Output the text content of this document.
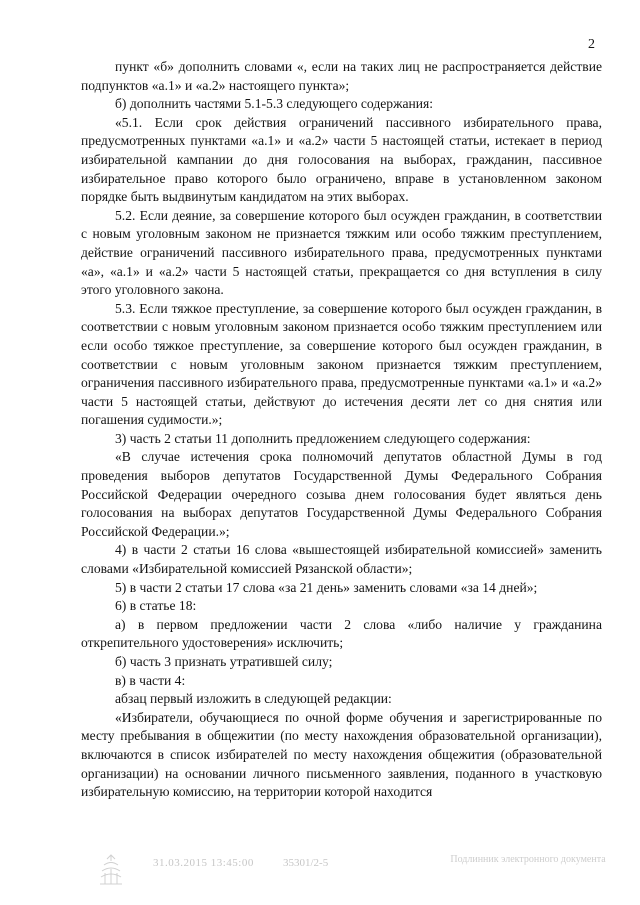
2

пункт «б» дополнить словами «, если на таких лиц не распространяется действие подпунктов «а.1» и «а.2» настоящего пункта»;

б) дополнить частями 5.1-5.3 следующего содержания:

«5.1. Если срок действия ограничений пассивного избирательного права, предусмотренных пунктами «а.1» и «а.2» части 5 настоящей статьи, истекает в период избирательной кампании до дня голосования на выборах, гражданин, пассивное избирательное право которого было ограничено, вправе в установленном законом порядке быть выдвинутым кандидатом на этих выборах.

5.2. Если деяние, за совершение которого был осужден гражданин, в соответствии с новым уголовным законом не признается тяжким или особо тяжким преступлением, действие ограничений пассивного избирательного права, предусмотренных пунктами «а», «а.1» и «а.2» части 5 настоящей статьи, прекращается со дня вступления в силу этого уголовного закона.

5.3. Если тяжкое преступление, за совершение которого был осужден гражданин, в соответствии с новым уголовным законом признается особо тяжким преступлением или если особо тяжкое преступление, за совершение которого был осужден гражданин, в соответствии с новым уголовным законом признается тяжким преступлением, ограничения пассивного избирательного права, предусмотренные пунктами «а.1» и «а.2» части 5 настоящей статьи, действуют до истечения десяти лет со дня снятия или погашения судимости.»;

3) часть 2 статьи 11 дополнить предложением следующего содержания:

«В случае истечения срока полномочий депутатов областной Думы в год проведения выборов депутатов Государственной Думы Федерального Собрания Российской Федерации очередного созыва днем голосования будет являться день голосования на выборах депутатов Государственной Думы Федерального Собрания Российской Федерации.»;

4) в части 2 статьи 16 слова «вышестоящей избирательной комиссией» заменить словами «Избирательной комиссией Рязанской области»;

5) в части 2 статьи 17 слова «за 21 день» заменить словами «за 14 дней»;

6) в статье 18:

а) в первом предложении части 2 слова «либо наличие у гражданина открепительного удостоверения» исключить;

б) часть 3 признать утратившей силу;

в) в части 4:

абзац первый изложить в следующей редакции:

«Избиратели, обучающиеся по очной форме обучения и зарегистрированные по месту пребывания в общежитии (по месту нахождения образовательной организации), включаются в список избирателей по месту нахождения общежития (образовательной организации) на основании личного письменного заявления, поданного в участковую избирательную комиссию, на территории которой находится

31.03.2015 13:45:00	35301/2-5	Подлинник электронного документа
